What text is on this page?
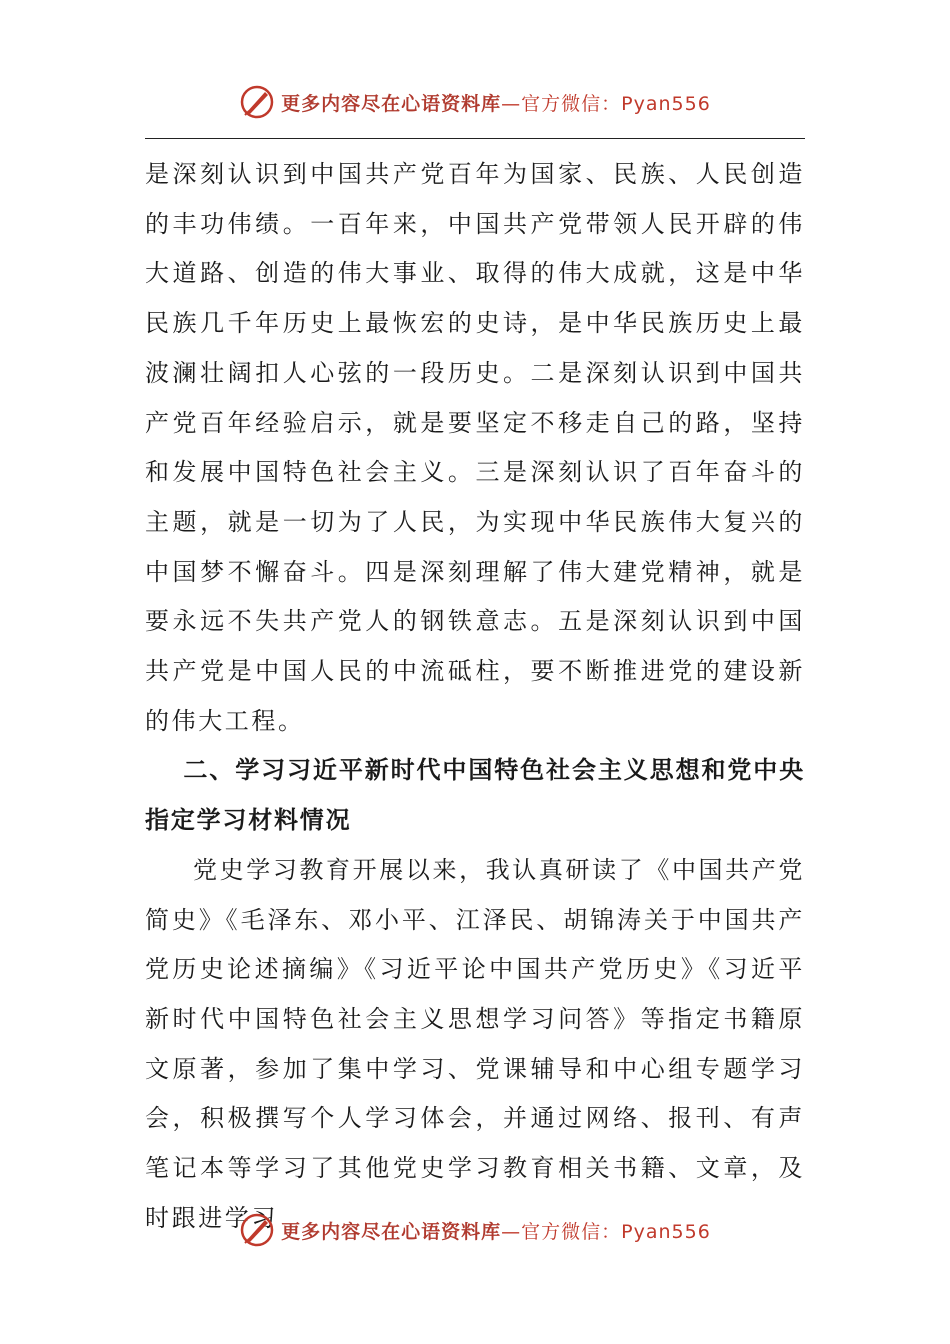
更多内容尽在心语资料库—官方微信：Pyan556

是深刻认识到中国共产党百年为国家、民族、人民创造的丰功伟绩。一百年来，中国共产党带领人民开辟的伟大道路、创造的伟大事业、取得的伟大成就，这是中华民族几千年历史上最恢宏的史诗，是中华民族历史上最波澜壮阔扣人心弦的一段历史。二是深刻认识到中国共产党百年经验启示，就是要坚定不移走自己的路，坚持和发展中国特色社会主义。三是深刻认识了百年奋斗的主题，就是一切为了人民，为实现中华民族伟大复兴的中国梦不懈奋斗。四是深刻理解了伟大建党精神，就是要永远不失共产党人的钢铁意志。五是深刻认识到中国共产党是中国人民的中流砥柱，要不断推进党的建设新的伟大工程。

二、学习习近平新时代中国特色社会主义思想和党中央指定学习材料情况

党史学习教育开展以来，我认真研读了《中国共产党简史》《毛泽东、邓小平、江泽民、胡锦涛关于中国共产党历史论述摘编》《习近平论中国共产党历史》《习近平新时代中国特色社会主义思想学习问答》等指定书籍原文原著，参加了集中学习、党课辅导和中心组专题学习会，积极撰写个人学习体会，并通过网络、报刊、有声笔记本等学习了其他党史学习教育相关书籍、文章，及时跟进学习 更多内容尽在心语资料库—官方微信：Pyan556
